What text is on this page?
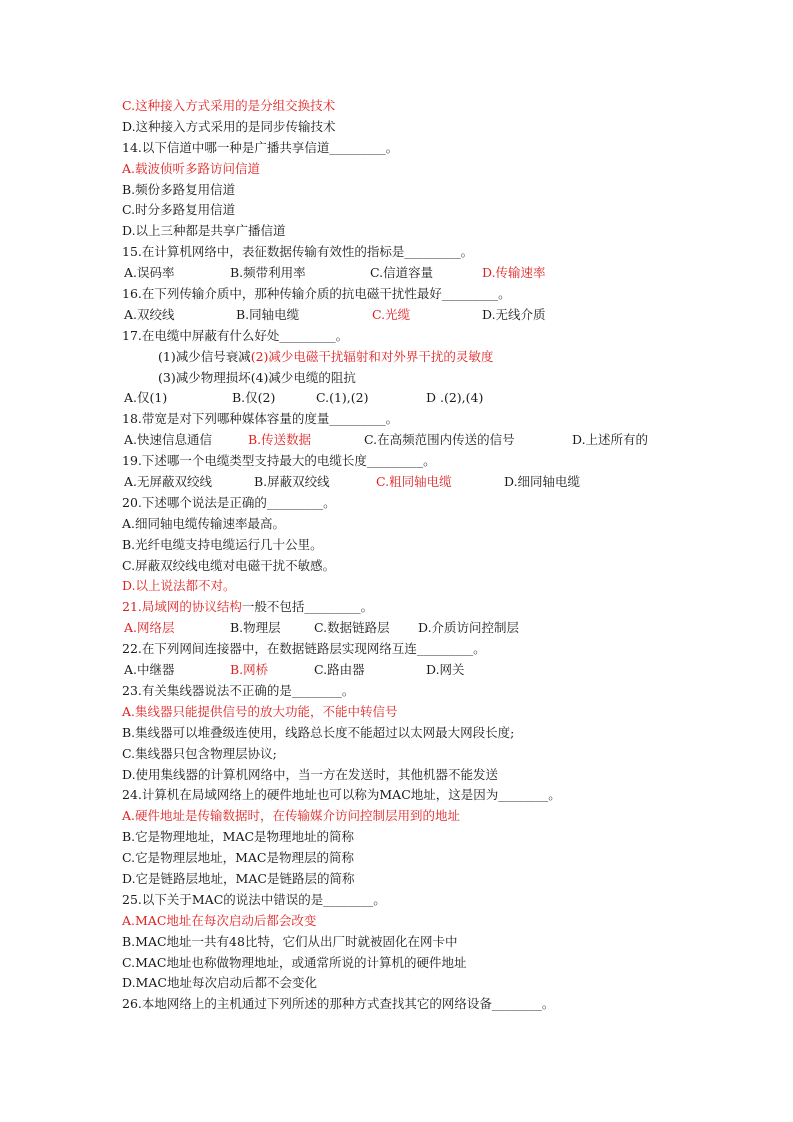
C.这种接入方式采用的是分组交换技术
D.这种接入方式采用的是同步传输技术
14.以下信道中哪一种是广播共享信道_________。
A.载波侦听多路访问信道
B.频份多路复用信道
C.时分多路复用信道
D.以上三种都是共享广播信道
15.在计算机网络中，表征数据传输有效性的指标是_________。
A.误码率	B.频带利用率	C.信道容量	D.传输速率
16.在下列传输介质中，那种传输介质的抗电磁干扰性最好_________。
A.双绞线	B.同轴电缆	C.光缆	D.无线介质
17.在电缆中屏蔽有什么好处_________。
(1)减少信号衰减(2)减少电磁干扰辐射和对外界干扰的灵敏度
(3)减少物理损坏(4)减少电缆的阻抗
A.仅(1)	B.仅(2)	C.(1),(2)	D .(2),(4)
18.带宽是对下列哪种媒体容量的度量_________。
A.快速信息通信	B.传送数据	C.在高频范围内传送的信号	D.上述所有的
19.下述哪一个电缆类型支持最大的电缆长度_________。
A.无屏蔽双绞线	B.屏蔽双绞线	C.粗同轴电缆	D.细同轴电缆
20.下述哪个说法是正确的_________。
A.细同轴电缆传输速率最高。
B.光纤电缆支持电缆运行几十公里。
C.屏蔽双绞线电缆对电磁干扰不敏感。
D.以上说法都不对。
21.局域网的协议结构一般不包括_________。
A.网络层	B.物理层	C.数据链路层 D.介质访问控制层
22.在下列网间连接器中，在数据链路层实现网络互连_________。
A.中继器	B.网桥	C.路由器	D.网关
23.有关集线器说法不正确的是________。
A.集线器只能提供信号的放大功能，不能中转信号
B.集线器可以堆叠级连使用，线路总长度不能超过以太网最大网段长度;
C.集线器只包含物理层协议;
D.使用集线器的计算机网络中，当一方在发送时，其他机器不能发送
24.计算机在局域网络上的硬件地址也可以称为MAC地址，这是因为________。
A.硬件地址是传输数据时，在传输媒介访问控制层用到的地址
B.它是物理地址，MAC是物理地址的简称
C.它是物理层地址，MAC是物理层的简称
D.它是链路层地址，MAC是链路层的简称
25.以下关于MAC的说法中错误的是________。
A.MAC地址在每次启动后都会改变
B.MAC地址一共有48比特，它们从出厂时就被固化在网卡中
C.MAC地址也称做物理地址，或通常所说的计算机的硬件地址
D.MAC地址每次启动后都不会变化
26.本地网络上的主机通过下列所述的那种方式查找其它的网络设备________。
